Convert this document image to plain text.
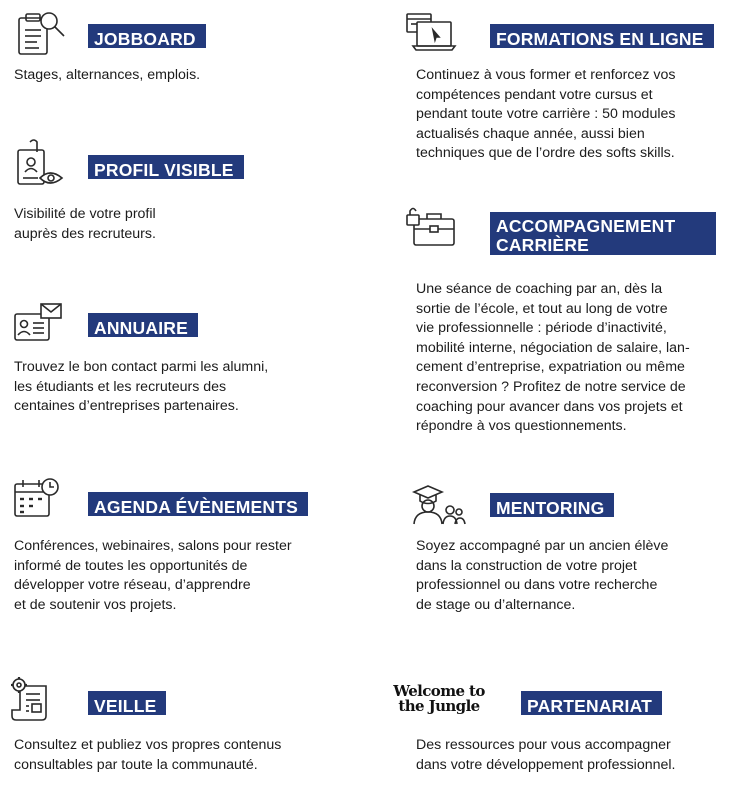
JOBBOARD
Stages, alternances, emplois.
PROFIL VISIBLE
Visibilité de votre profil
auprès des recruteurs.
ANNUAIRE
Trouvez le bon contact parmi les alumni,
les étudiants et les recruteurs des
centaines d’entreprises partenaires.
AGENDA ÉVÈNEMENTS
Conférences, webinaires, salons pour rester
informé de toutes les opportunités de
développer votre réseau, d’apprendre
et de soutenir vos projets.
VEILLE
Consultez et publiez vos propres contenus
consultables par toute la communauté.
FORMATIONS EN LIGNE
Continuez à vous former et renforcez vos
compétences pendant votre cursus et
pendant toute votre carrière : 50 modules
actualisés chaque année, aussi bien
techniques que de l’ordre des softs skills.
ACCOMPAGNEMENT CARRIÈRE
Une séance de coaching par an, dès la
sortie de l’école, et tout au long de votre
vie professionnelle : période d’inactivité,
mobilité interne, négociation de salaire, lan-
cement d’entreprise, expatriation ou même
reconversion ? Profitez de notre service de
coaching pour avancer dans vos projets et
répondre à vos questionnements.
MENTORING
Soyez accompagné par un ancien élève
dans la construction de votre projet
professionnel ou dans votre recherche
de stage ou d’alternance.
Welcome to the Jungle	PARTENARIAT
Des ressources pour vous accompagner
dans votre développement professionnel.
